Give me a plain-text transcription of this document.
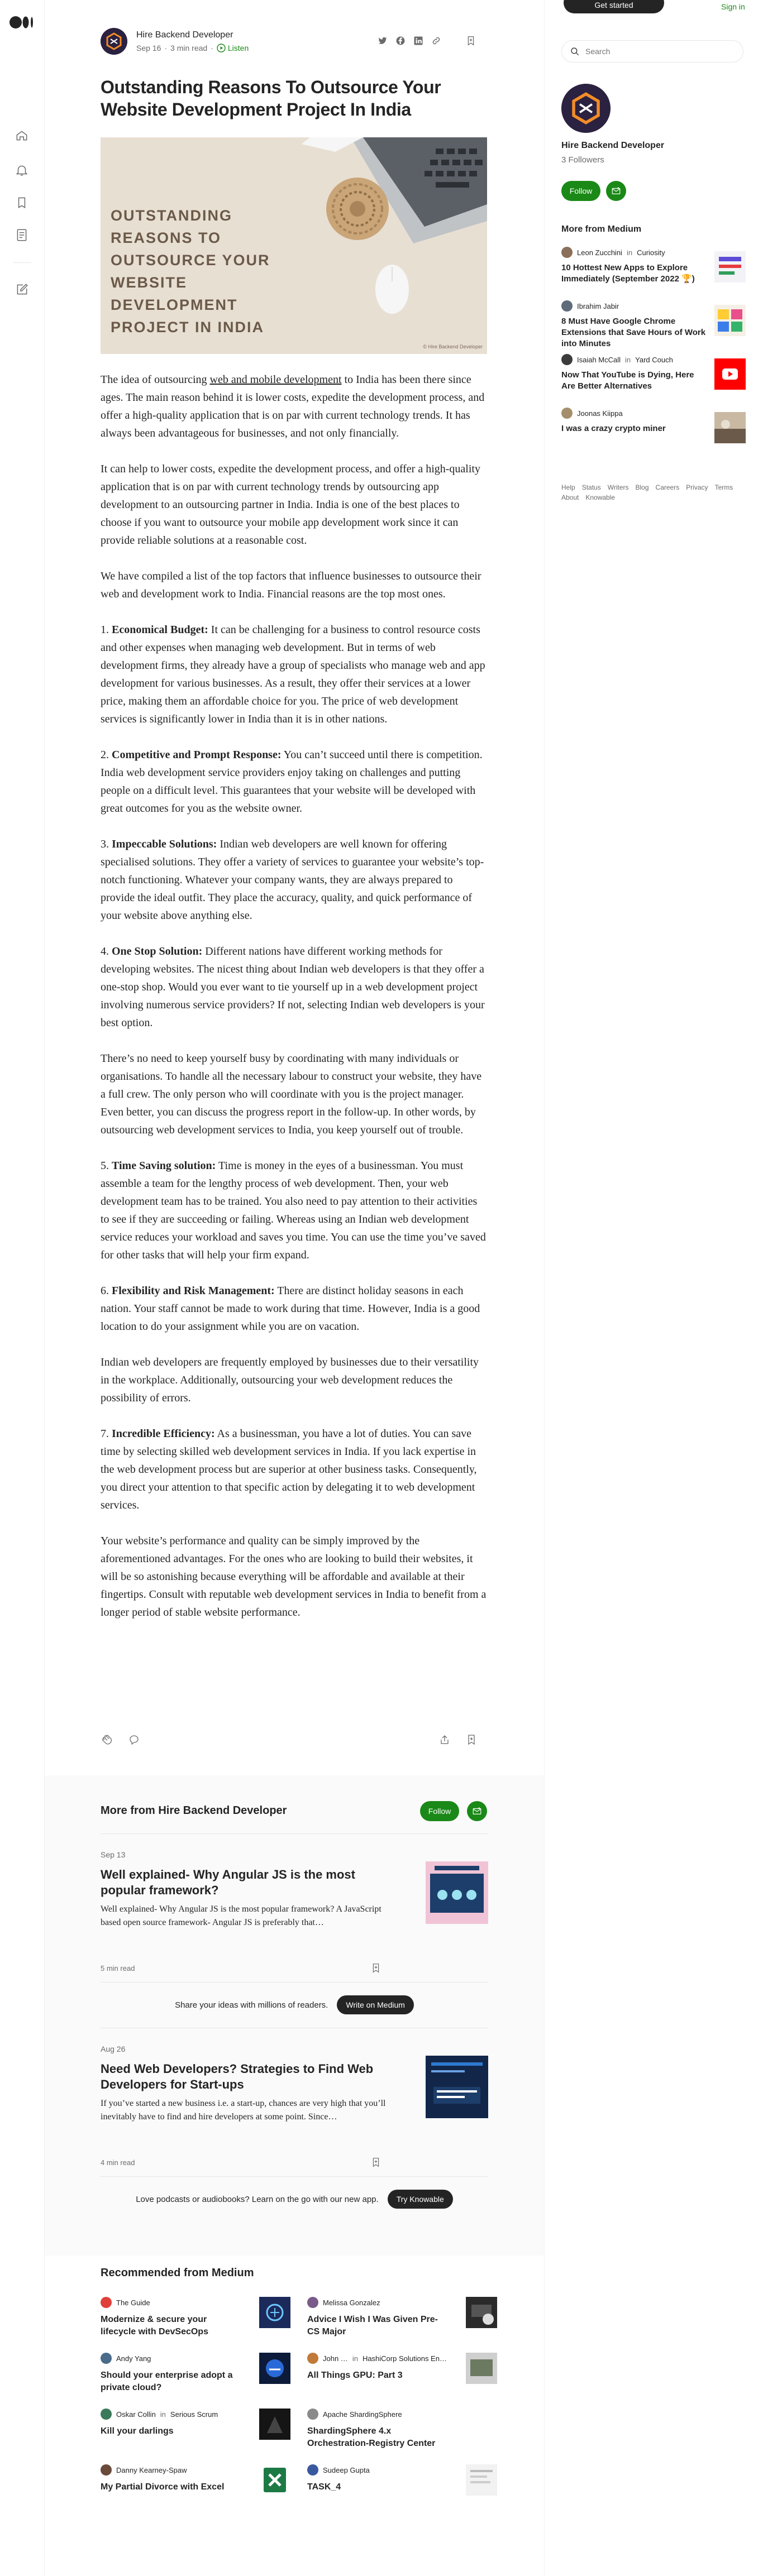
Hire Backend Developer
Sep 16 · 3 min read · Listen
Outstanding Reasons To Outsource Your Website Development Project In India
OUTSTANDING REASONS TO OUTSOURCE YOUR WEBSITE DEVELOPMENT PROJECT IN INDIA
© Hire Backend Developer

The idea of outsourcing web and mobile development to India has been there since ages. The main reason behind it is lower costs, expedite the development process, and offer a high-quality application that is on par with current technology trends. It has always been advantageous for businesses, and not only financially.

It can help to lower costs, expedite the development process, and offer a high-quality application that is on par with current technology trends by outsourcing app development to an outsourcing partner in India. India is one of the best places to choose if you want to outsource your mobile app development work since it can provide reliable solutions at a reasonable cost.

We have compiled a list of the top factors that influence businesses to outsource their web and development work to India. Financial reasons are the top most ones.

1. Economical Budget: It can be challenging for a business to control resource costs and other expenses when managing web development. But in terms of web development firms, they already have a group of specialists who manage web and app development for various businesses. As a result, they offer their services at a lower price, making them an affordable choice for you. The price of web development services is significantly lower in India than it is in other nations.

2. Competitive and Prompt Response: You can’t succeed until there is competition. India web development service providers enjoy taking on challenges and putting people on a difficult level. This guarantees that your website will be developed with great outcomes for you as the website owner.

3. Impeccable Solutions: Indian web developers are well known for offering specialised solutions. They offer a variety of services to guarantee your website’s top-notch functioning. Whatever your company wants, they are always prepared to provide the ideal outfit. They place the accuracy, quality, and quick performance of your website above anything else.

4. One Stop Solution: Different nations have different working methods for developing websites. The nicest thing about Indian web developers is that they offer a one-stop shop. Would you ever want to tie yourself up in a web development project involving numerous service providers? If not, selecting Indian web developers is your best option.

There’s no need to keep yourself busy by coordinating with many individuals or organisations. To handle all the necessary labour to construct your website, they have a full crew. The only person who will coordinate with you is the project manager. Even better, you can discuss the progress report in the follow-up. In other words, by outsourcing web development services to India, you keep yourself out of trouble.

5. Time Saving solution: Time is money in the eyes of a businessman. You must assemble a team for the lengthy process of web development. Then, your web development team has to be trained. You also need to pay attention to their activities to see if they are succeeding or failing. Whereas using an Indian web development service reduces your workload and saves you time. You can use the time you’ve saved for other tasks that will help your firm expand.

6. Flexibility and Risk Management: There are distinct holiday seasons in each nation. Your staff cannot be made to work during that time. However, India is a good location to do your assignment while you are on vacation.

Indian web developers are frequently employed by businesses due to their versatility in the workplace. Additionally, outsourcing your web development reduces the possibility of errors.

7. Incredible Efficiency: As a businessman, you have a lot of duties. You can save time by selecting skilled web development services in India. If you lack expertise in the web development process but are superior at other business tasks. Consequently, you direct your attention to that specific action by delegating it to web development services.

Your website’s performance and quality can be simply improved by the aforementioned advantages. For the ones who are looking to build their websites, it will be so astonishing because everything will be affordable and available at their fingertips. Consult with reputable web development services in India to benefit from a longer period of stable website performance.

More from Hire Backend Developer	Follow
Sep 13
Well explained- Why Angular JS is the most popular framework?
Well explained- Why Angular JS is the most popular framework? A JavaScript based open source framework- Angular JS is preferably that…
5 min read
Share your ideas with millions of readers.	Write on Medium
Aug 26
Need Web Developers? Strategies to Find Web Developers for Start-ups
If you’ve started a new business i.e. a start-up, chances are very high that you’ll inevitably have to find and hire developers at some point. Since…
4 min read
Love podcasts or audiobooks? Learn on the go with our new app.	Try Knowable
Recommended from Medium
The Guide
Modernize & secure your lifecycle with DevSecOps
Melissa Gonzalez
Advice I Wish I Was Given Pre-CS Major
Andy Yang
Should your enterprise adopt a private cloud?
John … in HashiCorp Solutions En…
All Things GPU: Part 3
Oskar Collin in Serious Scrum
Kill your darlings
Apache ShardingSphere
ShardingSphere 4.x Orchestration-Registry Center
Danny Kearney-Spaw
My Partial Divorce with Excel
Sudeep Gupta
TASK_4
Get started	Sign in
Search
Hire Backend Developer
3 Followers
Follow
More from Medium
Leon Zucchini in Curiosity
10 Hottest New Apps to Explore Immediately (September 2022 🏆)
Ibrahim Jabir
8 Must Have Google Chrome Extensions that Save Hours of Work into Minutes
Isaiah McCall in Yard Couch
Now That YouTube is Dying, Here Are Better Alternatives
Joonas Kiippa
I was a crazy crypto miner
Help Status Writers Blog Careers Privacy Terms
About Knowable
